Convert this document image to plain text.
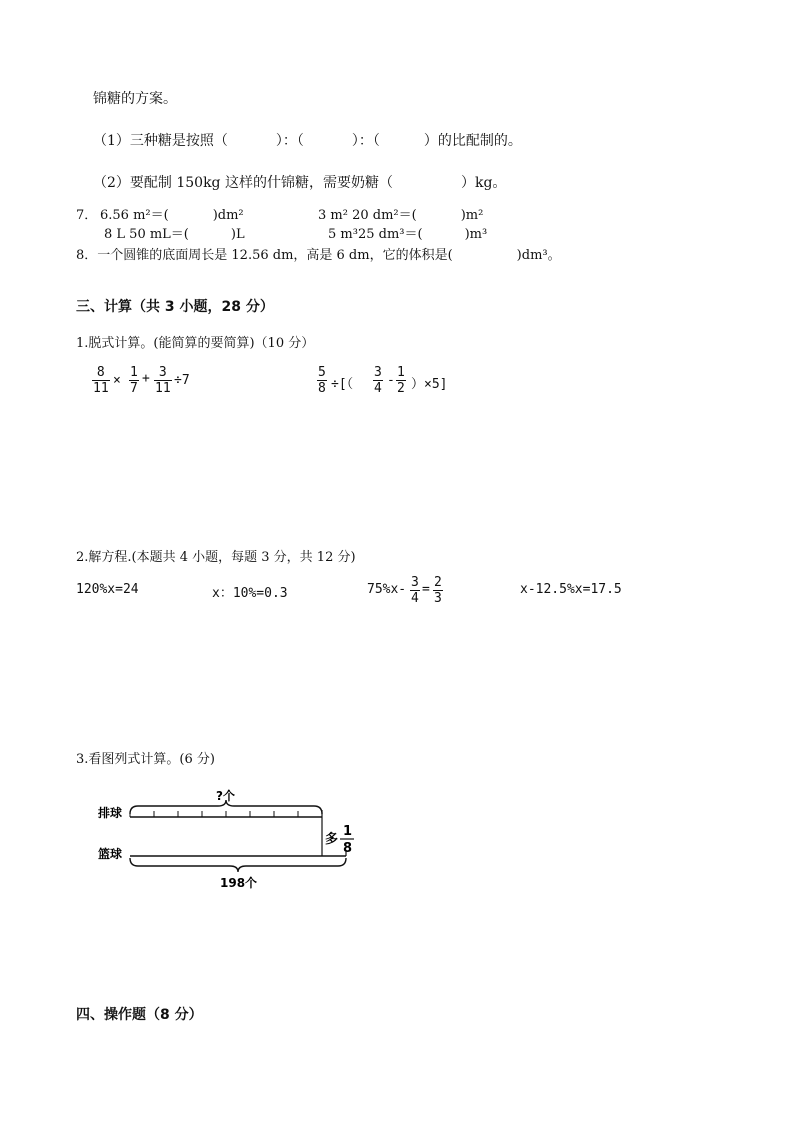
锦糖的方案。
（1）三种糖是按照（	）：（	）：（	）的比配制的。
（2）要配制 150kg 这样的什锦糖，需要奶糖（	）kg。
7． 6.56 m²＝(	)dm²	3 m² 20 dm²＝(	)m²
8 L 50 mL＝(	)L	5 m³25 dm³＝(	)m³
8．一个圆锥的底面周长是 12.56 dm，高是 6 dm，它的体积是(	)dm³。
三、计算（共 3 小题，28 分）
1.脱式计算。(能简算的要简算)（10 分）
8
11
×
1
7
+ 3
11
÷7
5
8 ÷[（
3
4
-
1
2 ）×5]
2.解方程.(本题共 4 小题，每题 3 分，共 12 分)
120%x=24	x：10%=0.3	75%x- 3
4
= 2
3
x-12.5%x=17.5
3.看图列式计算。(6 分)
排球
篮球
?个
多
1
8
198个
四、操作题（8 分）
